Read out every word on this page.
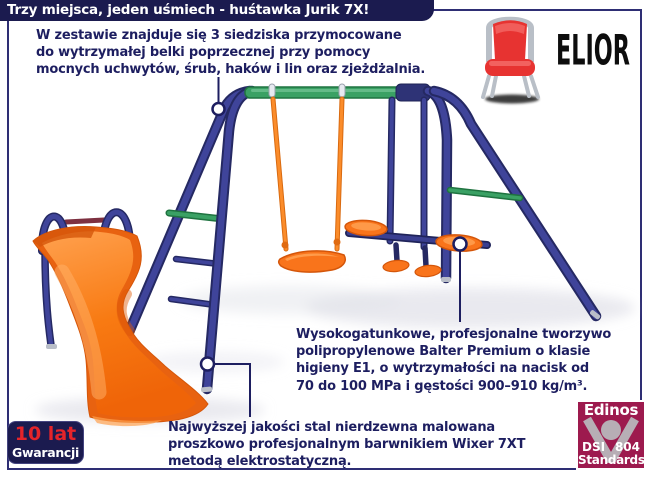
Trzy miejsca, jeden uśmiech - huśtawka Jurik 7X!
ELIOR
W zestawie znajduje się 3 siedziska przymocowane
do wytrzymałej belki poprzecznej przy pomocy
mocnych uchwytów, śrub, haków i lin oraz zjeżdżalnia.
Wysokogatunkowe, profesjonalne tworzywo
polipropylenowe Balter Premium o klasie
higieny E1, o wytrzymałości na nacisk od
70 do 100 MPa i gęstości 900–910 kg/m³.
Najwyższej jakości stal nierdzewna malowana
proszkowo profesjonalnym barwnikiem Wixer 7XT
metodą elektrostatyczną.
10 lat
Gwarancji
Edinos
DSI 804
Standards
